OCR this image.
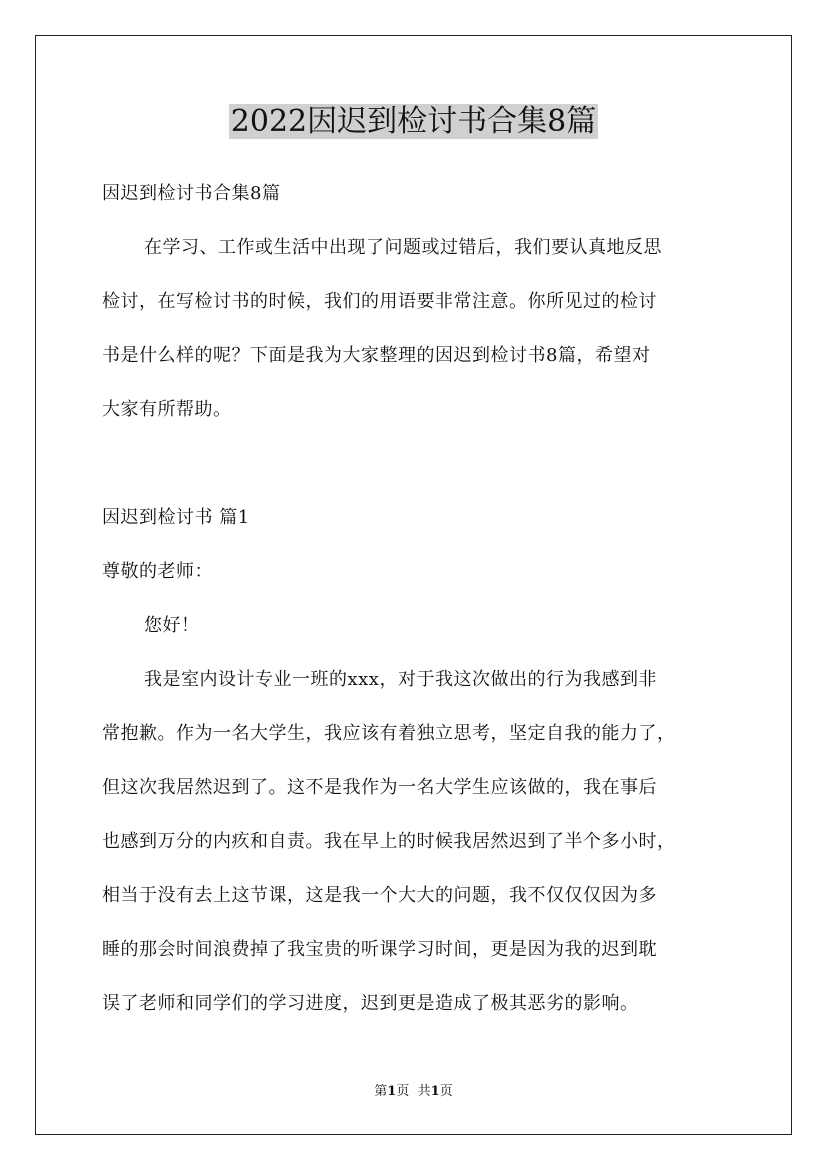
2022因迟到检讨书合集8篇
因迟到检讨书合集8篇
在学习、工作或生活中出现了问题或过错后，我们要认真地反思
检讨，在写检讨书的时候，我们的用语要非常注意。你所见过的检讨
书是什么样的呢？下面是我为大家整理的因迟到检讨书8篇，希望对
大家有所帮助。
因迟到检讨书 篇1
尊敬的老师：
您好！
我是室内设计专业一班的xxx，对于我这次做出的行为我感到非
常抱歉。作为一名大学生，我应该有着独立思考，坚定自我的能力了，
但这次我居然迟到了。这不是我作为一名大学生应该做的，我在事后
也感到万分的内疚和自责。我在早上的时候我居然迟到了半个多小时，
相当于没有去上这节课，这是我一个大大的问题，我不仅仅仅因为多
睡的那会时间浪费掉了我宝贵的听课学习时间，更是因为我的迟到耽
误了老师和同学们的学习进度，迟到更是造成了极其恶劣的影响。
第1页 共1页
